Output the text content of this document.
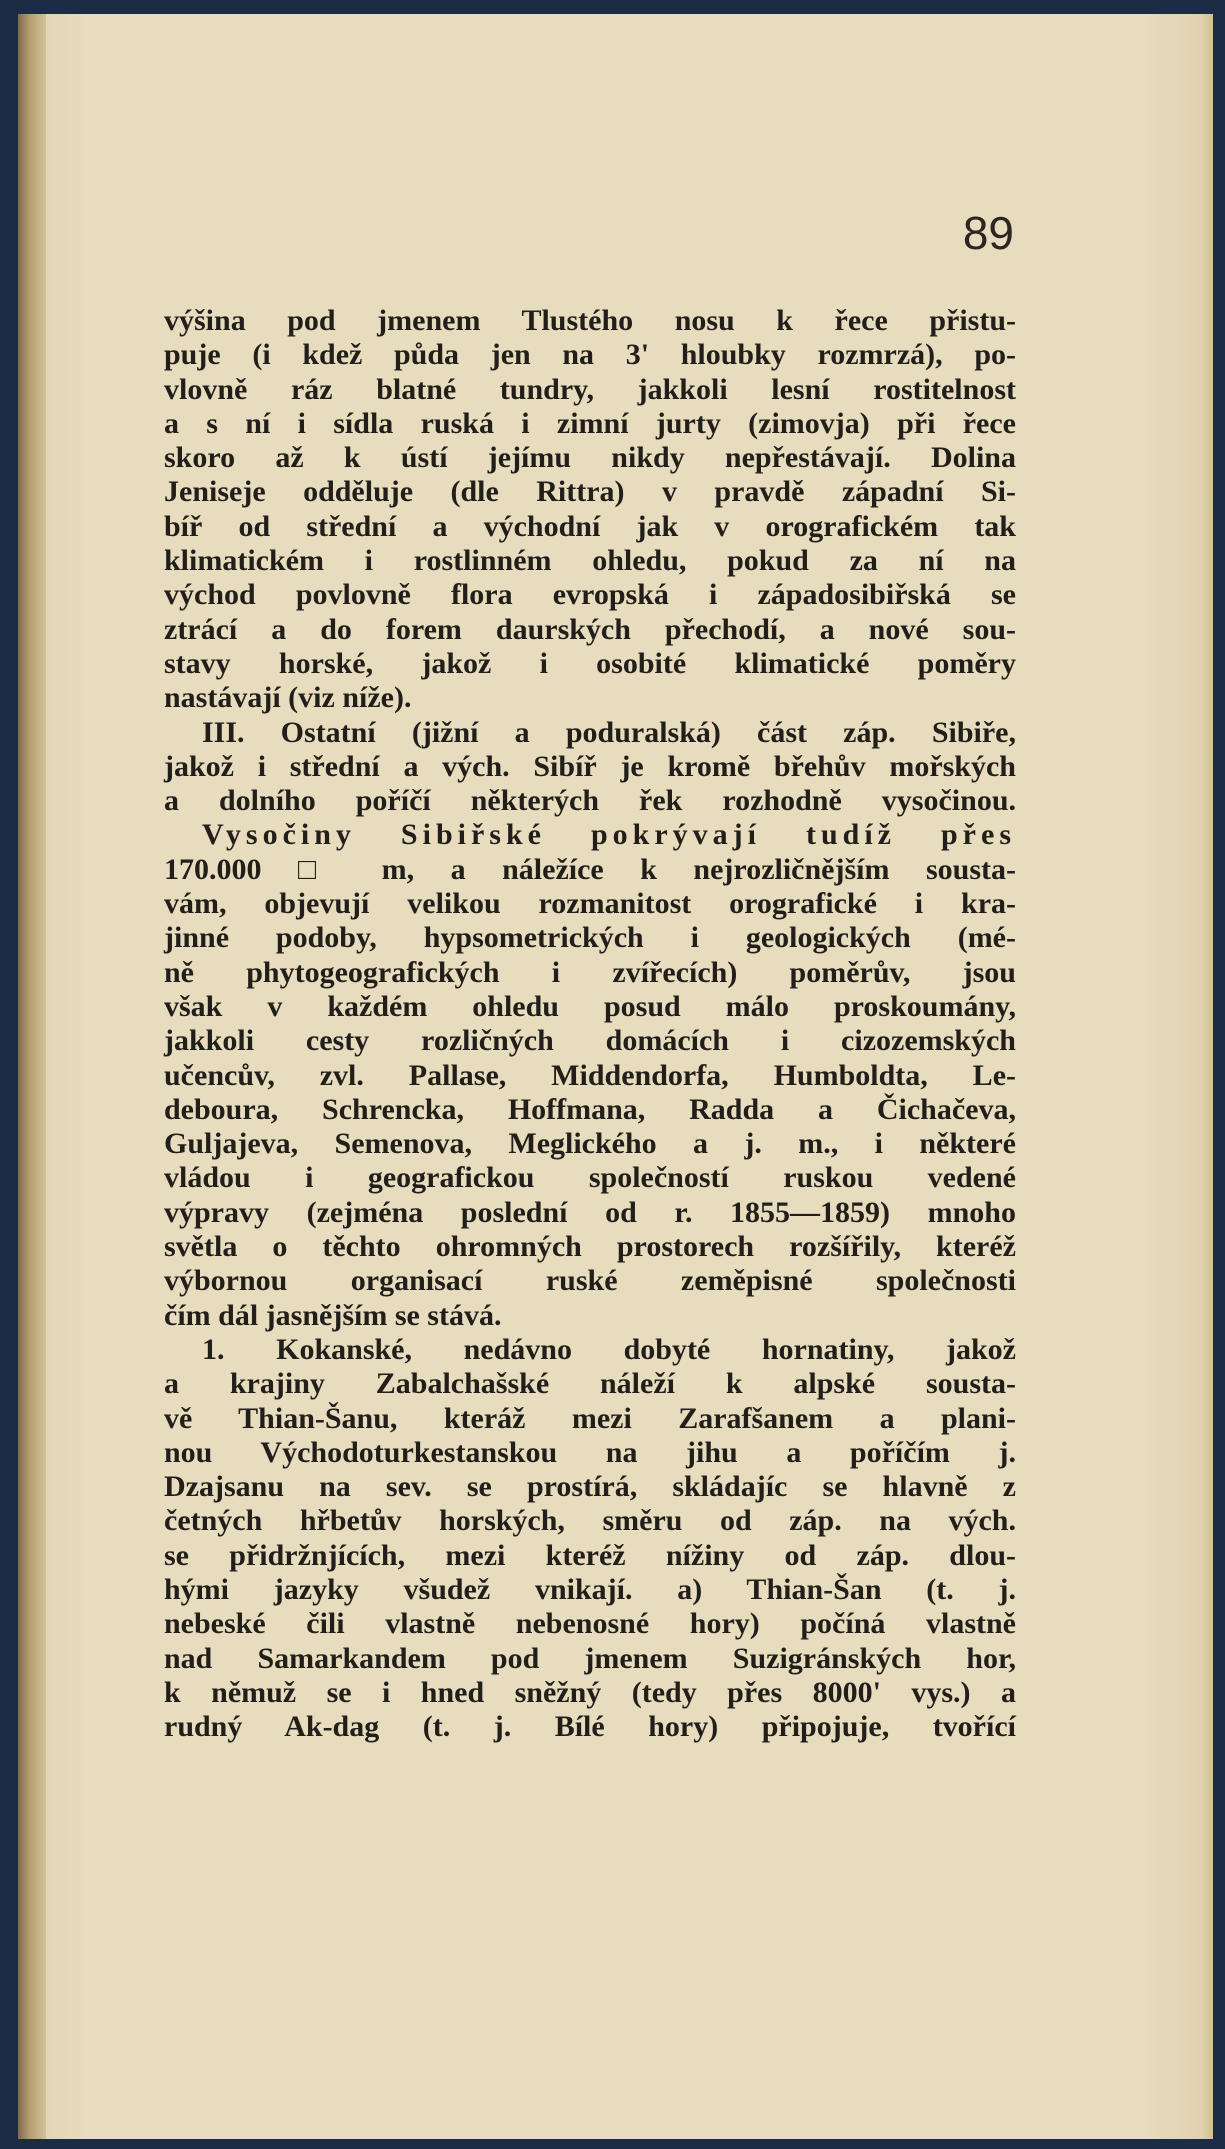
89
výšina pod jmenem Tlustého nosu k řece přistu-
puje (i kdež půda jen na 3' hloubky rozmrzá), po-
vlovně ráz blatné tundry, jakkoli lesní rostitelnost
a s ní i sídla ruská i zimní jurty (zimovja) při řece
skoro až k ústí jejímu nikdy nepřestávají. Dolina
Jeniseje odděluje (dle Rittra) v pravdě západní Si-
bíř od střední a východní jak v orografickém tak
klimatickém i rostlinném ohledu, pokud za ní na
východ povlovně flora evropská i západosibiřská se
ztrácí a do forem daurských přechodí, a nové sou-
stavy horské, jakož i osobité klimatické poměry
nastávají (viz níže).
III. Ostatní (jižní a poduralská) část záp. Sibiře,
jakož i střední a vých. Sibíř je kromě břehův mořských
a dolního poříčí některých řek rozhodně vysočinou.
Vysočiny Sibiřské pokrývají tudíž přes
170.000 □ m, a náležíce k nejrozličnějším sousta-
vám, objevují velikou rozmanitost orografické i kra-
jinné podoby, hypsometrických i geologických (mé-
ně phytogeografických i zvířecích) poměrův, jsou
však v každém ohledu posud málo proskoumány,
jakkoli cesty rozličných domácích i cizozemských
učencův, zvl. Pallase, Middendorfa, Humboldta, Le-
deboura, Schrencka, Hoffmana, Radda a Čichačeva,
Guljajeva, Semenova, Meglického a j. m., i některé
vládou i geografickou společností ruskou vedené
výpravy (zejména poslední od r. 1855—1859) mnoho
světla o těchto ohromných prostorech rozšířily, kteréž
výbornou organisací ruské zeměpisné společnosti
čím dál jasnějším se stává.
1. Kokanské, nedávno dobyté hornatiny, jakož
a krajiny Zabalchašské náleží k alpské sousta-
vě Thian-Šanu, kteráž mezi Zarafšanem a plani-
nou Východoturkestanskou na jihu a poříčím j.
Dzajsanu na sev. se prostírá, skládajíc se hlavně z
četných hřbetův horských, směru od záp. na vých.
se přidržnjících, mezi kteréž nížiny od záp. dlou-
hými jazyky všudež vnikají. a) Thian-Šan (t. j.
nebeské čili vlastně nebenosné hory) počíná vlastně
nad Samarkandem pod jmenem Suzigránských hor,
k němuž se i hned sněžný (tedy přes 8000' vys.) a
rudný Ak-dag (t. j. Bílé hory) připojuje, tvořící
